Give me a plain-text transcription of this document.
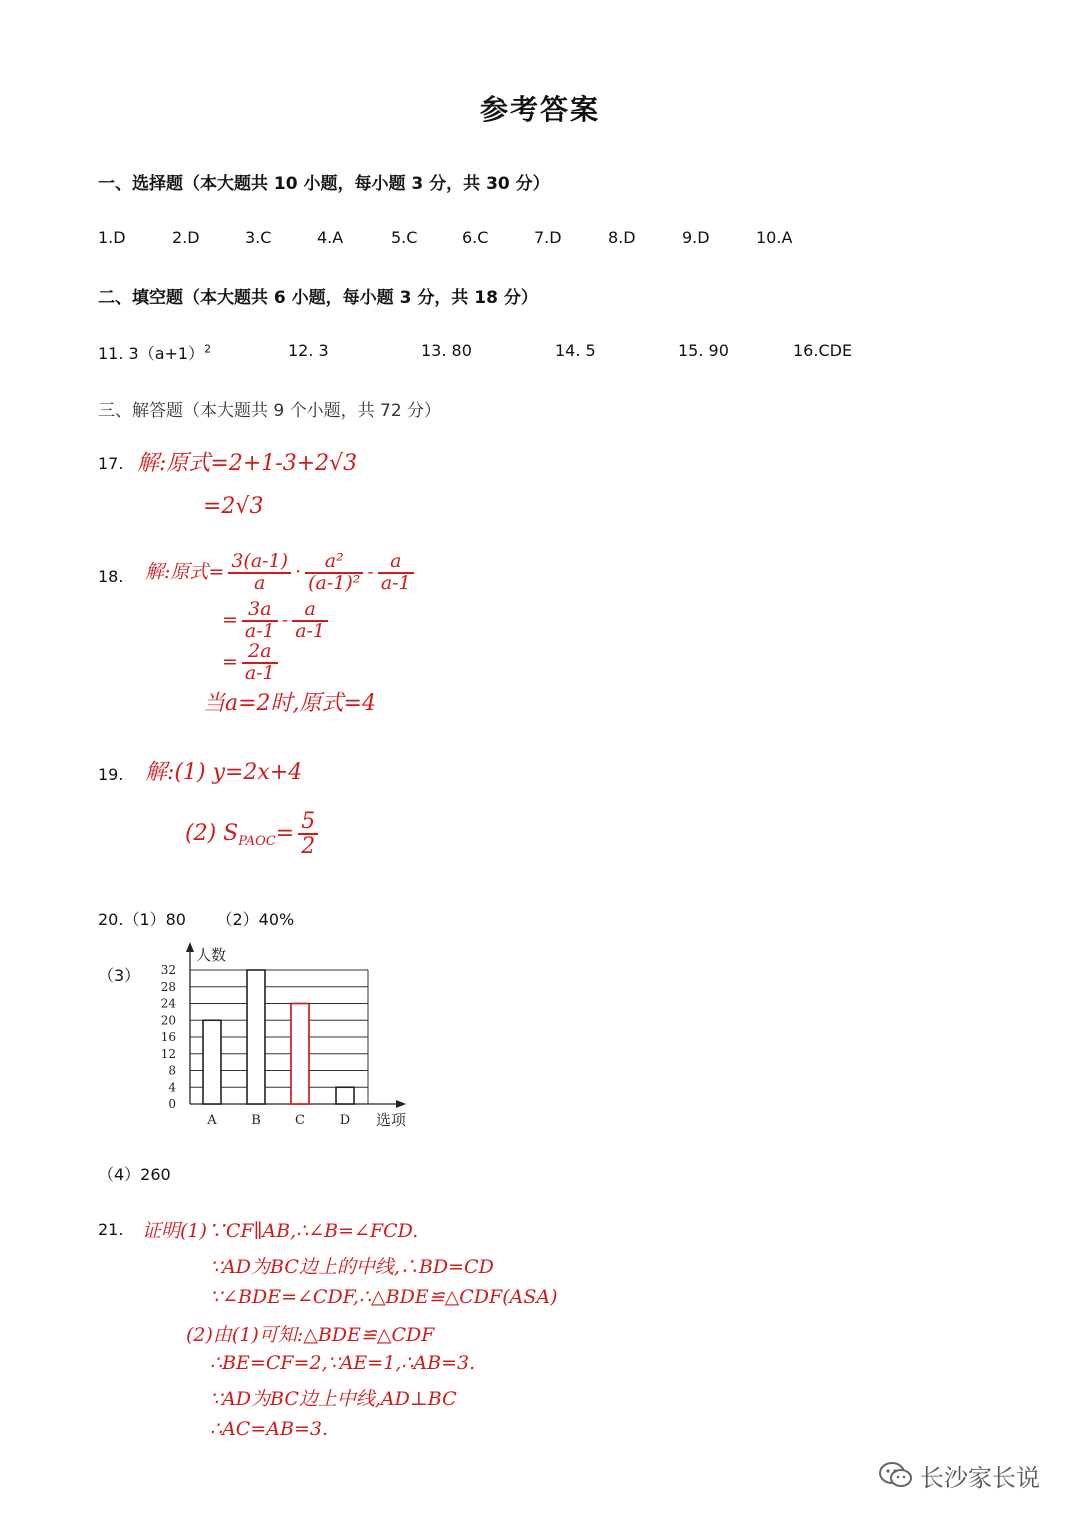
参考答案
一、选择题（本大题共 10 小题，每小题 3 分，共 30 分）
1.D	2.D	3.C	4.A	5.C	6.C	7.D	8.D	9.D	10.A
二、填空题（本大题共 6 小题，每小题 3 分，共 18 分）
11. $3(a+1)^2$	12. 3	13. 80	14. 5	15. 90	16.CDE
三、解答题（本大题共 9 个小题，共 72 分）
17. 解:原式=2+1-3+2√3
=2√3
18. 解:原式= $\frac{3(a-1)}{a} \cdot \frac{\text{a²}}{\text{(a-1)²}} - \frac{a}{a-1}$
= $\frac{3a}{a-1} - \frac{a}{a-1}$
= $\frac{2a}{a-1}$
当a=2时,原式=4
19. 解:(1) y=2x+4
(2) $S_{PAOC}= \frac{5}{2}$
20.（1）80      （2）40%
（3）
0
4
8
12
16
20
24
28
32
人数
选项
A	B	C	D
（4）260
21. 证明(1)∵CF∥AB,∴∠B=∠FCD.
∵AD为BC边上的中线,∴BD=CD
∵∠BDE=∠CDF,∴△BDE≌△CDF(ASA)
(2)由(1)可知:△BDE≌△CDF
∴BE=CF=2,∵AE=1,∴AB=3.
∵AD为BC边上中线,AD⊥BC
∴AC=AB=3.
长沙家长说
